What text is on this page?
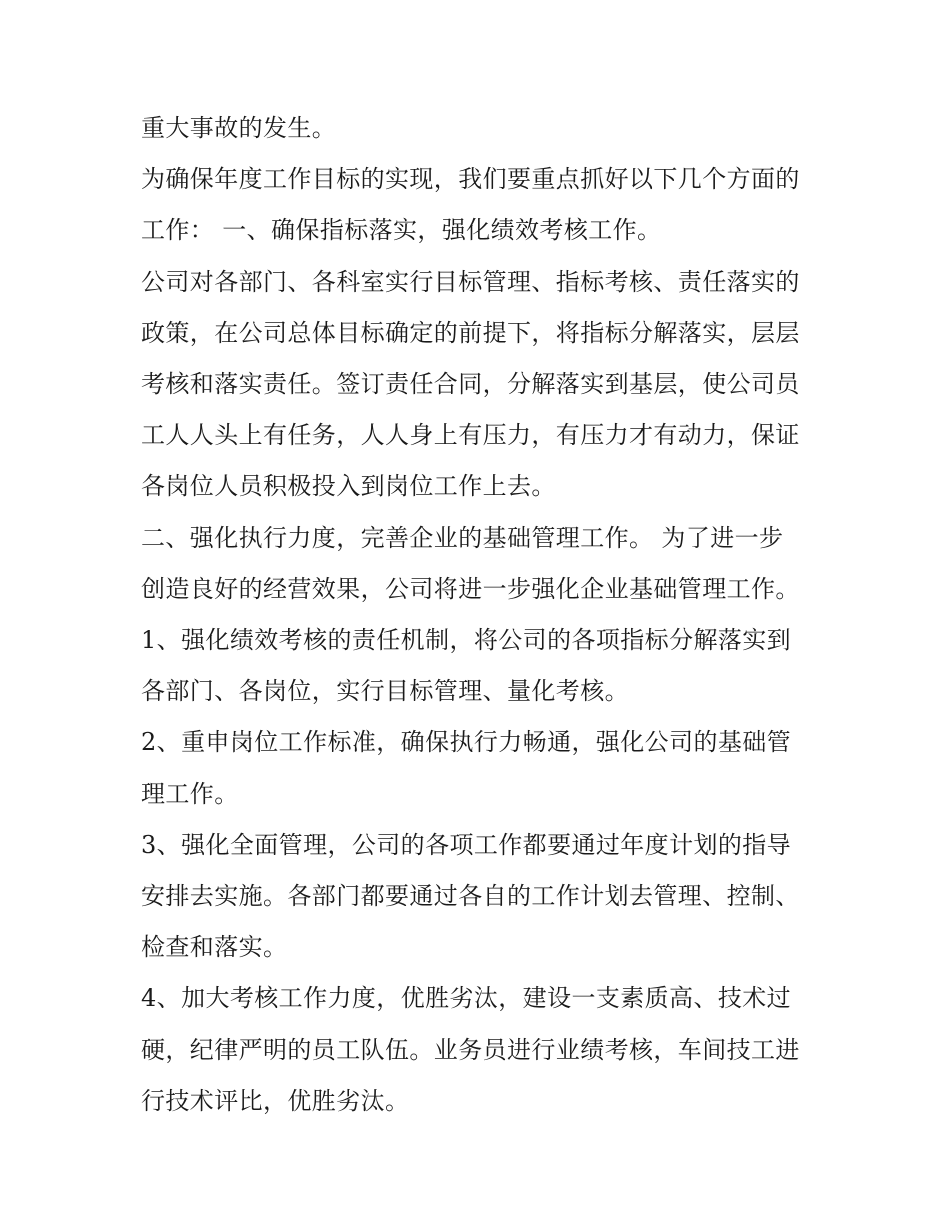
重大事故的发生。

为确保年度工作目标的实现，我们要重点抓好以下几个方面的

工作： 一、确保指标落实，强化绩效考核工作。

公司对各部门、各科室实行目标管理、指标考核、责任落实的

政策，在公司总体目标确定的前提下，将指标分解落实，层层

考核和落实责任。签订责任合同，分解落实到基层，使公司员

工人人头上有任务，人人身上有压力，有压力才有动力，保证

各岗位人员积极投入到岗位工作上去。

二、强化执行力度，完善企业的基础管理工作。 为了进一步

创造良好的经营效果，公司将进一步强化企业基础管理工作。

1、强化绩效考核的责任机制，将公司的各项指标分解落实到

各部门、各岗位，实行目标管理、量化考核。

2、重申岗位工作标准，确保执行力畅通，强化公司的基础管

理工作。

3、强化全面管理，公司的各项工作都要通过年度计划的指导

安排去实施。各部门都要通过各自的工作计划去管理、控制、

检查和落实。

4、加大考核工作力度，优胜劣汰，建设一支素质高、技术过

硬，纪律严明的员工队伍。业务员进行业绩考核，车间技工进

行技术评比，优胜劣汰。
